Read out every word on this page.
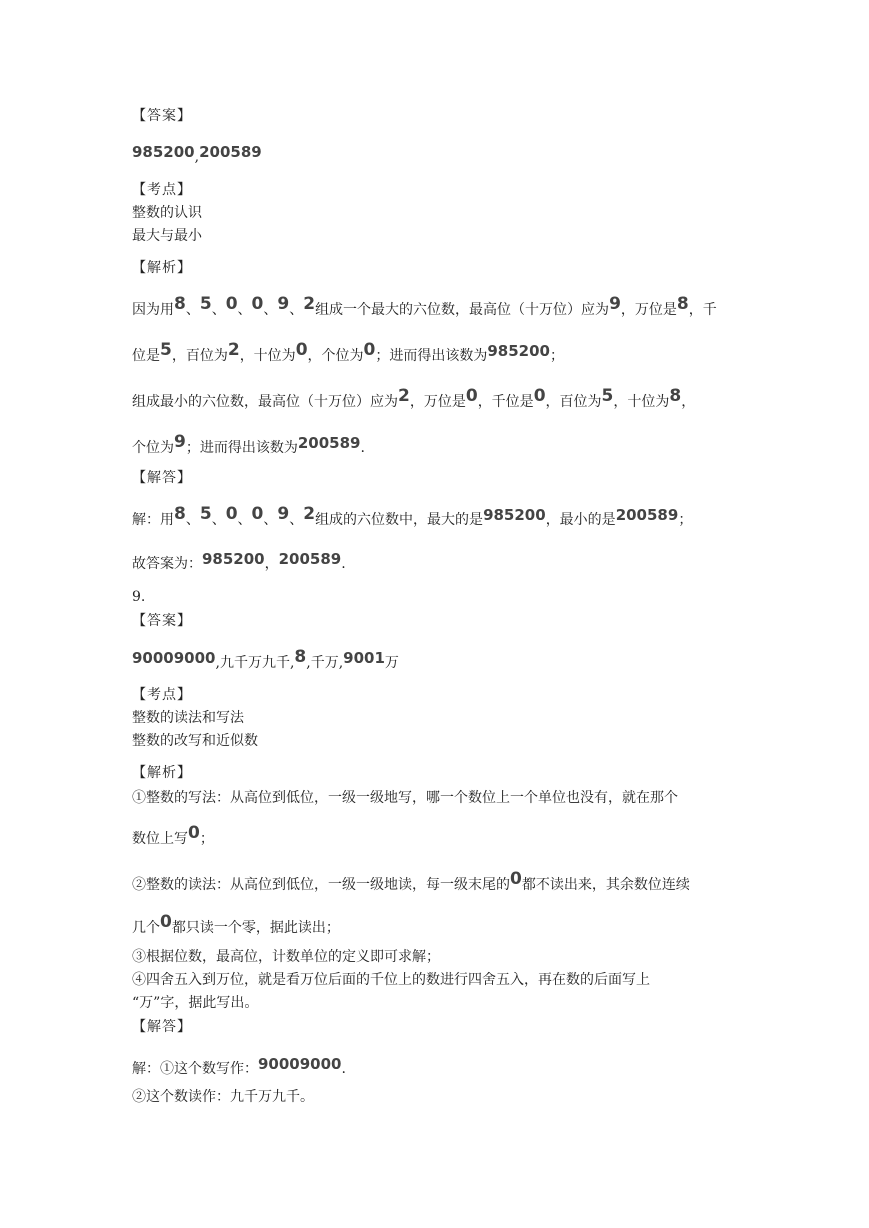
【答案】
985200,200589
【考点】
整数的认识
最大与最小
【解析】
因为用8、5、0、0、9、2组成一个最大的六位数，最高位（十万位）应为9，万位是8，千
位是5，百位为2，十位为0，个位为0；进而得出该数为985200；
组成最小的六位数，最高位（十万位）应为2，万位是0，千位是0，百位为5，十位为8，
个位为9；进而得出该数为200589.
【解答】
解：用8、5、0、0、9、2组成的六位数中，最大的是985200，最小的是200589；
故答案为：985200，200589.
9.
【答案】
90009000,九千万九千,8,千万,9001万
【考点】
整数的读法和写法
整数的改写和近似数
【解析】
①整数的写法：从高位到低位，一级一级地写，哪一个数位上一个单位也没有，就在那个
数位上写0；
②整数的读法：从高位到低位，一级一级地读，每一级末尾的0都不读出来，其余数位连续
几个0都只读一个零，据此读出；
③根据位数，最高位，计数单位的定义即可求解；
④四舍五入到万位，就是看万位后面的千位上的数进行四舍五入，再在数的后面写上
“万”字，据此写出。
【解答】
解：①这个数写作：90009000.
②这个数读作：九千万九千。
